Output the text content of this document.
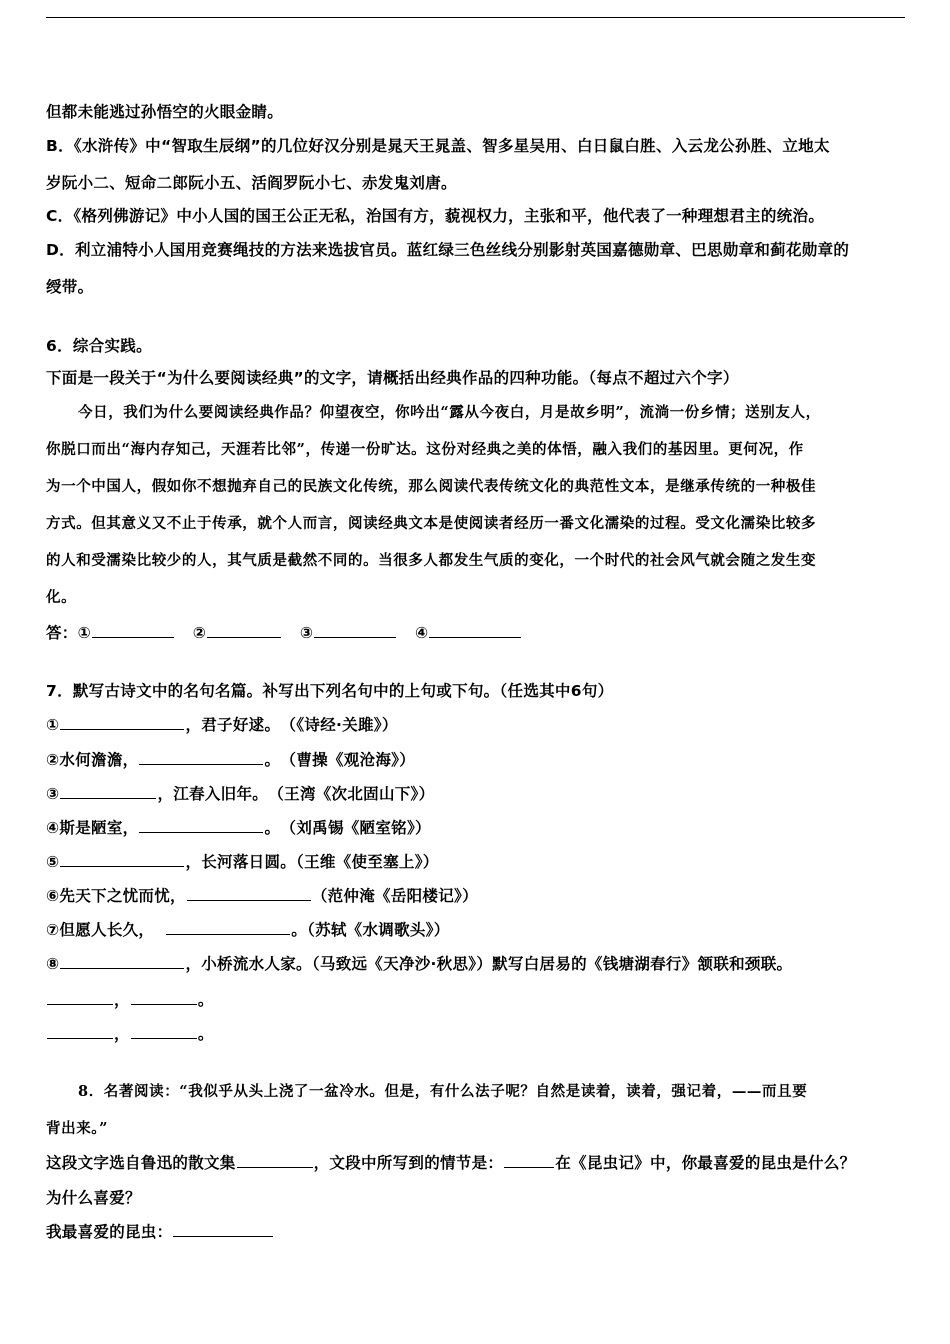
但都未能逃过孙悟空的火眼金睛。
B．《水浒传》中“智取生辰纲”的几位好汉分别是晁天王晁盖、智多星吴用、白日鼠白胜、入云龙公孙胜、立地太
岁阮小二、短命二郎阮小五、活阎罗阮小七、赤发鬼刘唐。
C．《格列佛游记》中小人国的国王公正无私，治国有方，藐视权力，主张和平，他代表了一种理想君主的统治。
D．利立浦特小人国用竞赛绳技的方法来选拔官员。蓝红绿三色丝线分别影射英国嘉德勋章、巴思勋章和蓟花勋章的
绶带。
6．综合实践。
下面是一段关于“为什么要阅读经典”的文字，请概括出经典作品的四种功能。（每点不超过六个字）
今日，我们为什么要阅读经典作品？仰望夜空，你吟出“露从今夜白，月是故乡明”，流淌一份乡情；送别友人，
你脱口而出“海内存知己，天涯若比邻”，传递一份旷达。这份对经典之美的体悟，融入我们的基因里。更何况，作
为一个中国人，假如你不想抛弃自己的民族文化传统，那么阅读代表传统文化的典范性文本，是继承传统的一种极佳
方式。但其意义又不止于传承，就个人而言，阅读经典文本是使阅读者经历一番文化濡染的过程。受文化濡染比较多
的人和受濡染比较少的人，其气质是截然不同的。当很多人都发生气质的变化，一个时代的社会风气就会随之发生变
化。
答：①	②	③	④
7．默写古诗文中的名句名篇。补写出下列名句中的上句或下句。（任选其中6句）
①	，君子好逑。　（《诗经·关雎》）
②水何澹澹，	。　（曹操《观沧海》）
③	，江春入旧年。　（王湾《次北固山下》）
④斯是陋室，	。　（刘禹锡《陋室铭》）
⑤	，长河落日圆。（王维《使至塞上》）
⑥先天下之忧而忧，	（范仲淹《岳阳楼记》）
⑦但愿人长久，	。（苏轼《水调歌头》）
⑧	，小桥流水人家。（马致远《天净沙·秋思》）默写白居易的《钱塘湖春行》颔联和颈联。
，	。
，	。
8．名著阅读：“我似乎从头上浇了一盆冷水。但是，有什么法子呢？自然是读着，读着，强记着，——而且要
背出来。”
这段文字选自鲁迅的散文集	，文段中所写到的情节是：	在《昆虫记》中，你最喜爱的昆虫是什么？
为什么喜爱？
我最喜爱的昆虫：
